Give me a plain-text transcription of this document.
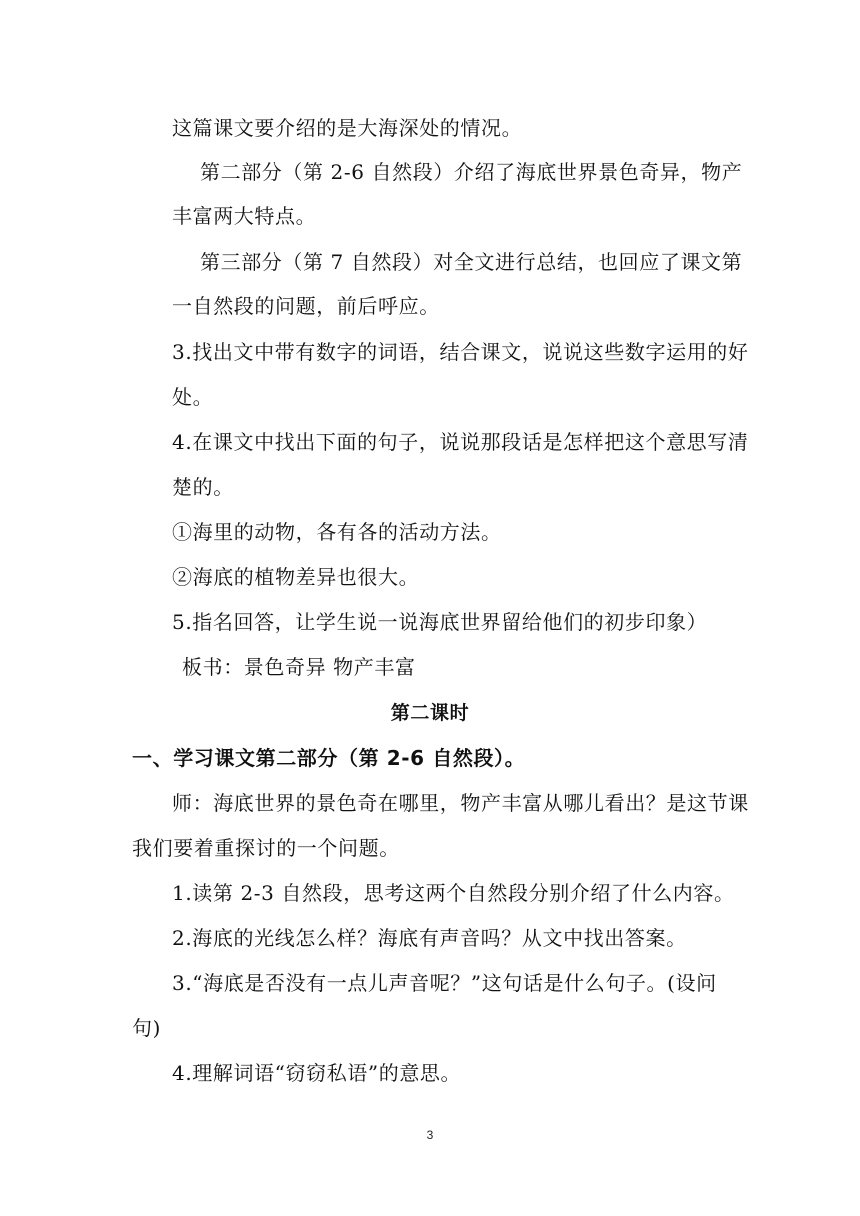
这篇课文要介绍的是大海深处的情况。

第二部分（第 2-6 自然段）介绍了海底世界景色奇异，物产

丰富两大特点。

第三部分（第 7 自然段）对全文进行总结，也回应了课文第

一自然段的问题，前后呼应。

3.找出文中带有数字的词语，结合课文，说说这些数字运用的好

处。

4.在课文中找出下面的句子，说说那段话是怎样把这个意思写清

楚的。

①海里的动物，各有各的活动方法。

②海底的植物差异也很大。

5.指名回答，让学生说一说海底世界留给他们的初步印象）

板书：景色奇异 物产丰富

第二课时

一、学习课文第二部分（第 2-6 自然段）。

师：海底世界的景色奇在哪里，物产丰富从哪儿看出？是这节课

我们要着重探讨的一个问题。

1.读第 2-3 自然段，思考这两个自然段分别介绍了什么内容。

2.海底的光线怎么样？海底有声音吗？从文中找出答案。

3.“海底是否没有一点儿声音呢？”这句话是什么句子。(设问

句)

4.理解词语“窃窃私语”的意思。

3
